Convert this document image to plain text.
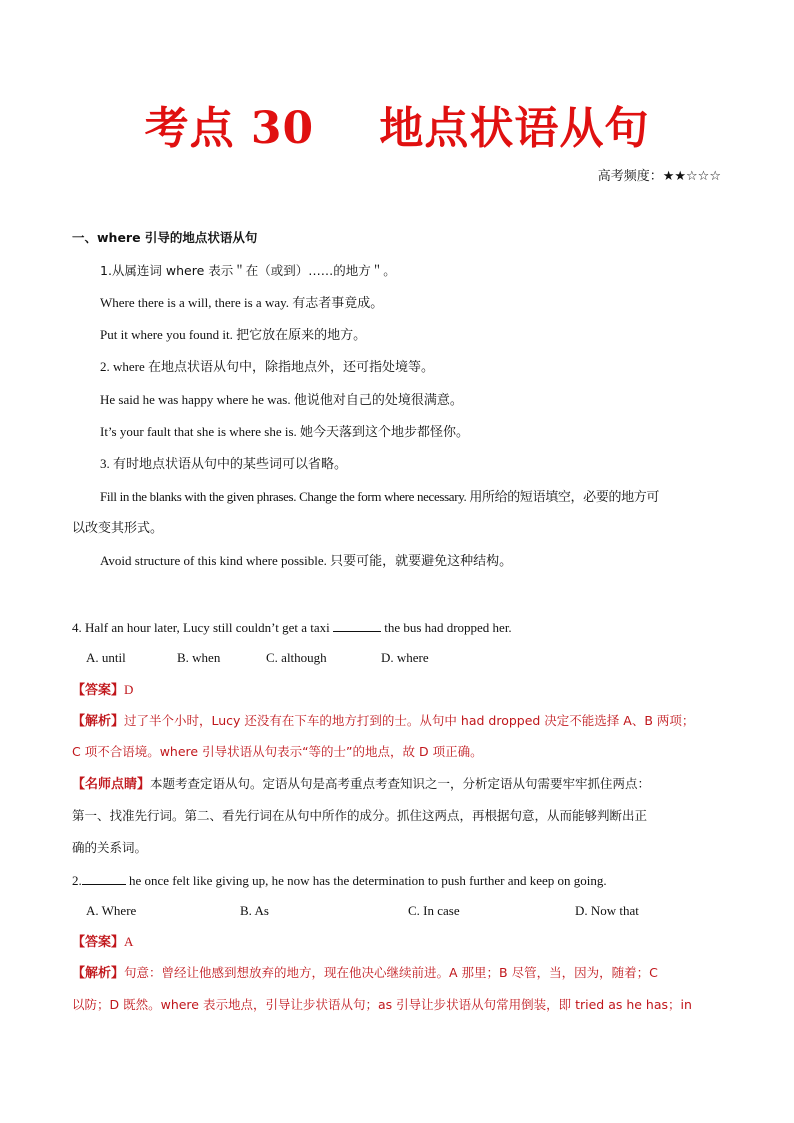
考点 30    地点状语从句
高考频度：★★☆☆☆
一、where 引导的地点状语从句
1.从属连词 where 表示＂在（或到）……的地方＂。
Where there is a will, there is a way. 有志者事竟成。
Put it where you found it. 把它放在原来的地方。
2. where 在地点状语从句中，除指地点外，还可指处境等。
He said he was happy where he was. 他说他对自己的处境很满意。
It’s your fault that she is where she is. 她今天落到这个地步都怪你。
3. 有时地点状语从句中的某些词可以省略。
Fill in the blanks with the given phrases. Change the form where necessary. 用所给的短语填空，必要的地方可
以改变其形式。
Avoid structure of this kind where possible. 只要可能，就要避免这种结构。
4. Half an hour later, Lucy still couldn’t get a taxi	the bus had dropped her.
A. until	B. when	C. although	D. where
【答案】D
【解析】过了半个小时，Lucy 还没有在下车的地方打到的士。从句中 had dropped 决定不能选择 A、B 两项；
C 项不合语境。where 引导状语从句表示“等的士”的地点，故 D 项正确。
【名师点睛】本题考查定语从句。定语从句是高考重点考查知识之一，分析定语从句需要牢牢抓住两点：
第一、找准先行词。第二、看先行词在从句中所作的成分。抓住这两点，再根据句意，从而能够判断出正
确的关系词。
2.	he once felt like giving up, he now has the determination to push further and keep on going.
A. Where	B. As	C. In case	D. Now that
【答案】A
【解析】句意：曾经让他感到想放弃的地方，现在他决心继续前进。A 那里；B 尽管，当，因为，随着；C
以防；D 既然。where 表示地点，引导让步状语从句；as 引导让步状语从句常用倒装，即 tried as he has；in
